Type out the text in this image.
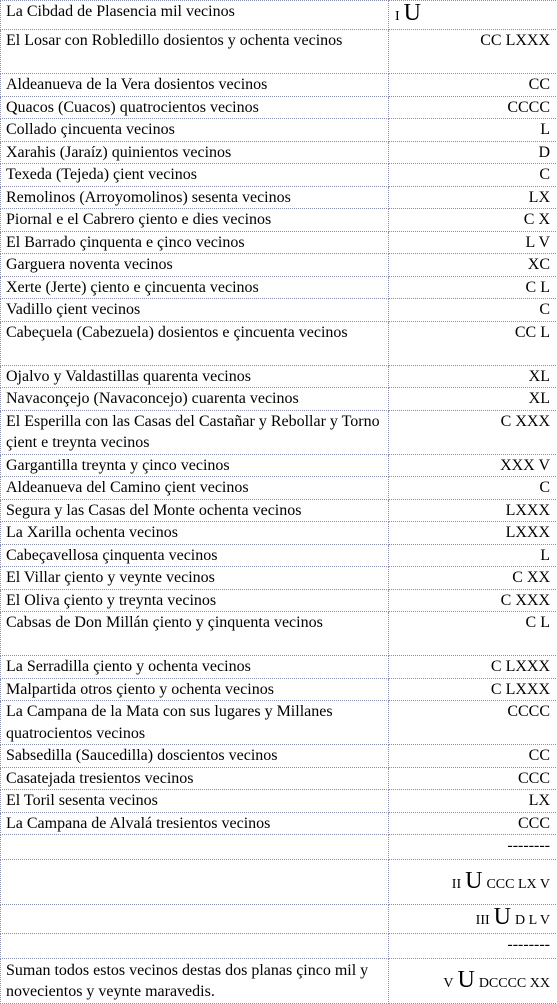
La Cibdad de Plasencia mil vecinos	I U
El Losar con Robledillo dosientos y ochenta vecinos	CC LXXX
Aldeanueva de la Vera dosientos vecinos	CC
Quacos (Cuacos) quatrocientos vecinos	CCCC
Collado çincuenta vecinos	L
Xarahis (Jaraíz) quinientos vecinos	D
Texeda (Tejeda) çient vecinos	C
Remolinos (Arroyomolinos) sesenta vecinos	LX
Piornal e el Cabrero çiento e dies vecinos	C X
El Barrado çinquenta e çinco vecinos	L V
Garguera noventa vecinos	XC
Xerte (Jerte) çiento e çincuenta vecinos	C L
Vadillo çient vecinos	C
Cabeçuela (Cabezuela) dosientos e çincuenta vecinos	CC L
Ojalvo y Valdastillas quarenta vecinos	XL
Navaconçejo (Navaconcejo) cuarenta vecinos	XL
El Esperilla con las Casas del Castañar y Rebollar y Torno çient e treynta vecinos	C XXX
Gargantilla treynta y çinco vecinos	XXX V
Aldeanueva del Camino çient vecinos	C
Segura y las Casas del Monte ochenta vecinos	LXXX
La Xarilla ochenta vecinos	LXXX
Cabeçavellosa çinquenta vecinos	L
El Villar çiento y veynte vecinos	C XX
El Oliva çiento y treynta vecinos	C XXX
Cabsas de Don Millán çiento y çinquenta vecinos	C L
La Serradilla çiento y ochenta vecinos	C LXXX
Malpartida otros çiento y ochenta vecinos	C LXXX
La Campana de la Mata con sus lugares y Millanes quatrocientos vecinos	CCCC
Sabsedilla (Saucedilla) doscientos vecinos	CC
Casatejada tresientos vecinos	CCC
El Toril sesenta vecinos	LX
La Campana de Alvalá tresientos vecinos	CCC
	--------
	II U CCC LX V
	III U D L V
	--------
Suman todos estos vecinos destas dos planas çinco mil y novecientos y veynte maravedis.	V U DCCCC XX
